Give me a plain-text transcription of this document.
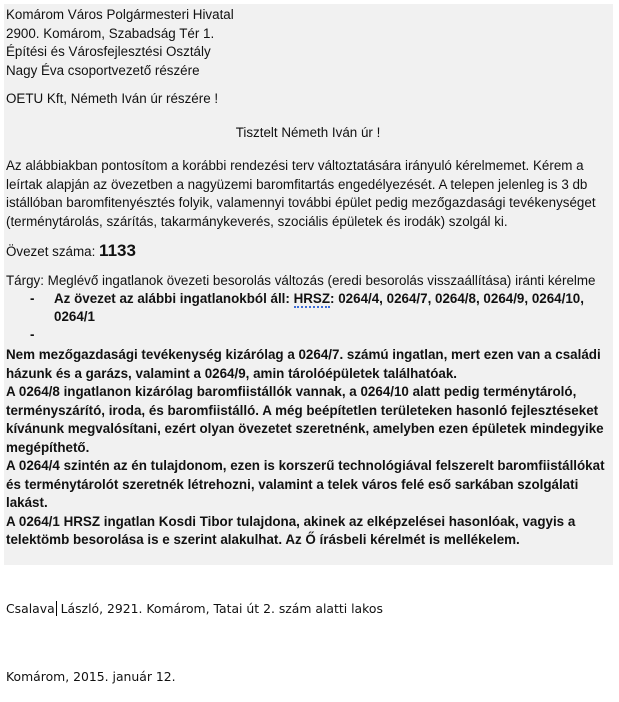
Komárom Város Polgármesteri Hivatal
2900. Komárom, Szabadság Tér 1.
Építési és Városfejlesztési Osztály
Nagy Éva csoportvezető részére
OETU Kft, Németh Iván úr részére !
Tisztelt Németh Iván úr !
Az alábbiakban pontosítom a korábbi rendezési terv változtatására irányuló kérelmemet. Kérem a leírtak alapján az övezetben a nagyüzemi baromfitartás engedélyezését. A telepen jelenleg is 3 db istállóban baromfitenyésztés folyik, valamennyi további épület pedig mezőgazdasági tevékenységet (terménytárolás, szárítás, takarmánykeverés, szociális épületek és irodák) szolgál ki.
Övezet száma: 1133
Tárgy: Meglévő ingatlanok övezeti besorolás változás (eredi besorolás visszaállítása) iránti kérelme
- Az övezet az alábbi ingatlanokból áll: HRSZ: 0264/4, 0264/7, 0264/8, 0264/9, 0264/10, 0264/1
-
Nem mezőgazdasági tevékenység kizárólag a 0264/7. számú ingatlan, mert ezen van a családi házunk és a garázs, valamint a 0264/9, amin tárolóépületek találhatóak.
A 0264/8 ingatlanon kizárólag baromfiistállók vannak, a 0264/10 alatt pedig terménytároló, terményszárító, iroda, és baromfiistálló. A még beépítetlen területeken hasonló fejlesztéseket kívánunk megvalósítani, ezért olyan övezetet szeretnénk, amelyben ezen épületek mindegyike megépíthető.
A 0264/4 szintén az én tulajdonom, ezen is korszerű technológiával felszerelt baromfiistállókat és terménytárolót szeretnék létrehozni, valamint a telek város felé eső sarkában szolgálati lakást.
A 0264/1 HRSZ ingatlan Kosdi Tibor tulajdona, akinek az elképzelései hasonlóak, vagyis a telektömb besorolása is e szerint alakulhat. Az Ő írásbeli kérelmét is mellékelem.
Csalava László, 2921. Komárom, Tatai út 2. szám alatti lakos
Komárom, 2015. január 12.
